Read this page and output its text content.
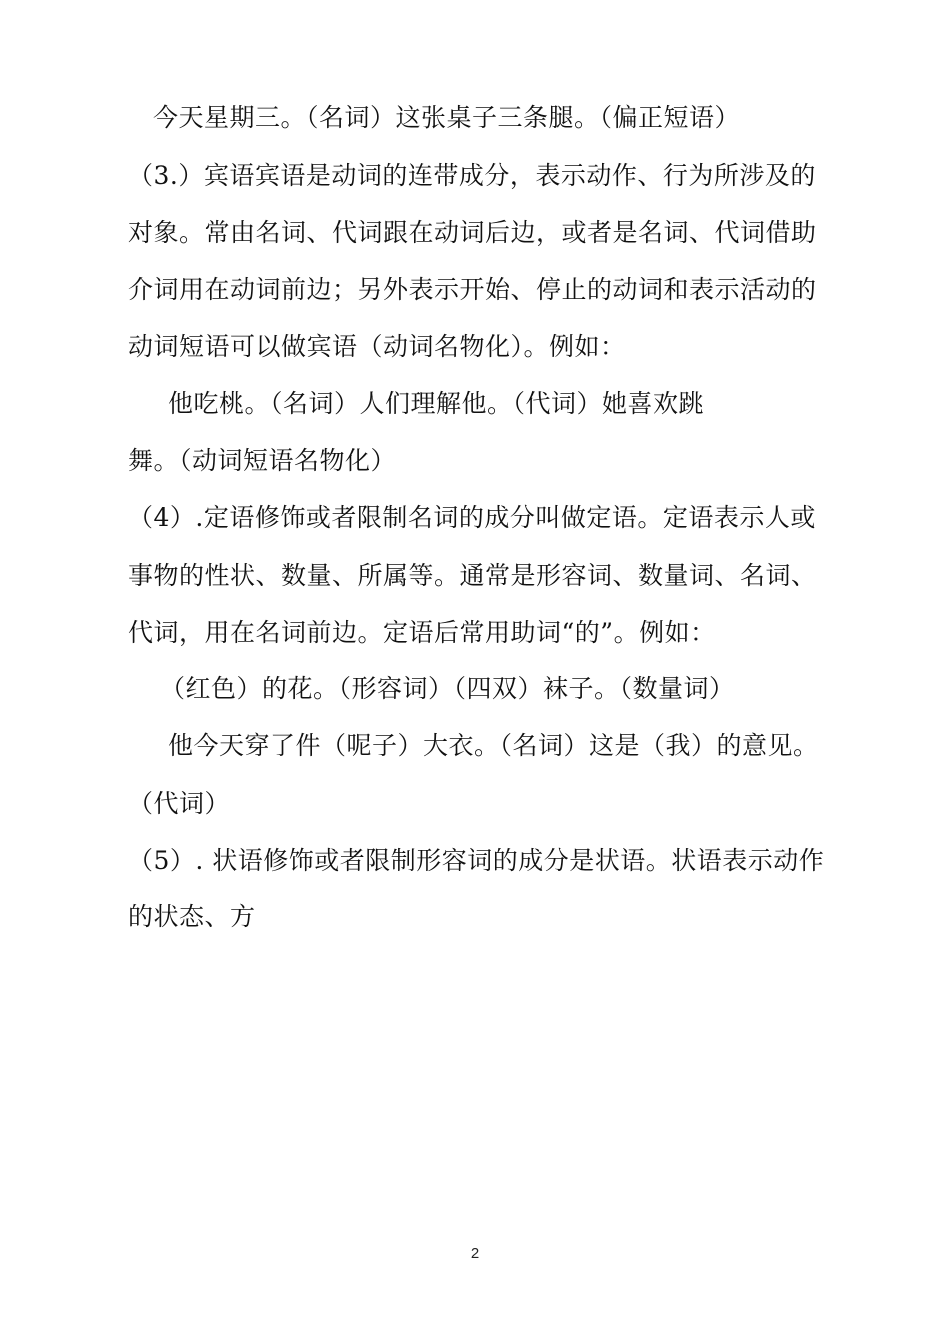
今天星期三。（名词）这张桌子三条腿。（偏正短语）
（3.）宾语宾语是动词的连带成分，表示动作、行为所涉及的
对象。常由名词、代词跟在动词后边，或者是名词、代词借助
介词用在动词前边；另外表示开始、停止的动词和表示活动的
动词短语可以做宾语（动词名物化）。例如：
他吃桃。（名词）人们理解他。（代词）她喜欢跳
舞。（动词短语名物化）
（4）.定语修饰或者限制名词的成分叫做定语。定语表示人或
事物的性状、数量、所属等。通常是形容词、数量词、名词、
代词，用在名词前边。定语后常用助词“的”。例如：
（红色）的花。（形容词）（四双）袜子。（数量词）
他今天穿了件（呢子）大衣。（名词）这是（我）的意见。
（代词）
（5）. 状语修饰或者限制形容词的成分是状语。状语表示动作
的状态、方
2
